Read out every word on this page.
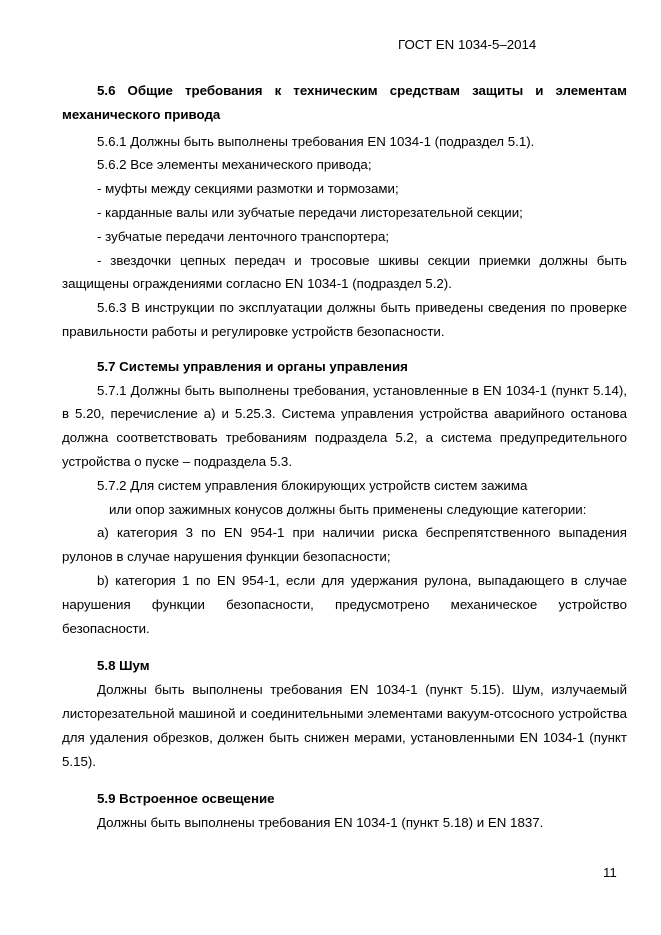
ГОСТ EN 1034-5–2014

5.6 Общие требования к техническим средствам защиты и элементам механического привода

5.6.1 Должны быть выполнены требования EN 1034-1 (подраздел 5.1).

5.6.2 Все элементы механического привода;

- муфты между секциями размотки и тормозами;

- карданные валы или зубчатые передачи листорезательной секции;

- зубчатые передачи ленточного транспортера;

- звездочки цепных передач и тросовые шкивы секции приемки должны быть защищены ограждениями согласно EN 1034-1 (подраздел 5.2).

5.6.3 В инструкции по эксплуатации должны быть приведены сведения по проверке правильности работы и регулировке устройств безопасности.

5.7 Системы управления и органы управления

5.7.1 Должны быть выполнены требования, установленные в EN 1034-1 (пункт 5.14), в 5.20, перечисление а) и 5.25.3. Система управления устройства аварийного останова должна соответствовать требованиям подраздела 5.2, а система предупредительного устройства о пуске – подраздела 5.3.

5.7.2 Для систем управления блокирующих устройств систем зажима

или опор зажимных конусов должны быть применены следующие категории:

а) категория 3 по EN 954-1 при наличии риска беспрепятственного выпадения рулонов в случае нарушения функции безопасности;

b) категория 1 по EN 954-1, если для удержания рулона, выпадающего в случае нарушения функции безопасности, предусмотрено механическое устройство безопасности.

5.8 Шум

Должны быть выполнены требования EN 1034-1 (пункт 5.15). Шум, излучаемый листорезательной машиной и соединительными элементами вакуум-отсосного устройства для удаления обрезков, должен быть снижен мерами, установленными EN 1034-1 (пункт 5.15).

5.9 Встроенное освещение

Должны быть выполнены требования EN 1034-1 (пункт 5.18) и EN 1837.

11
